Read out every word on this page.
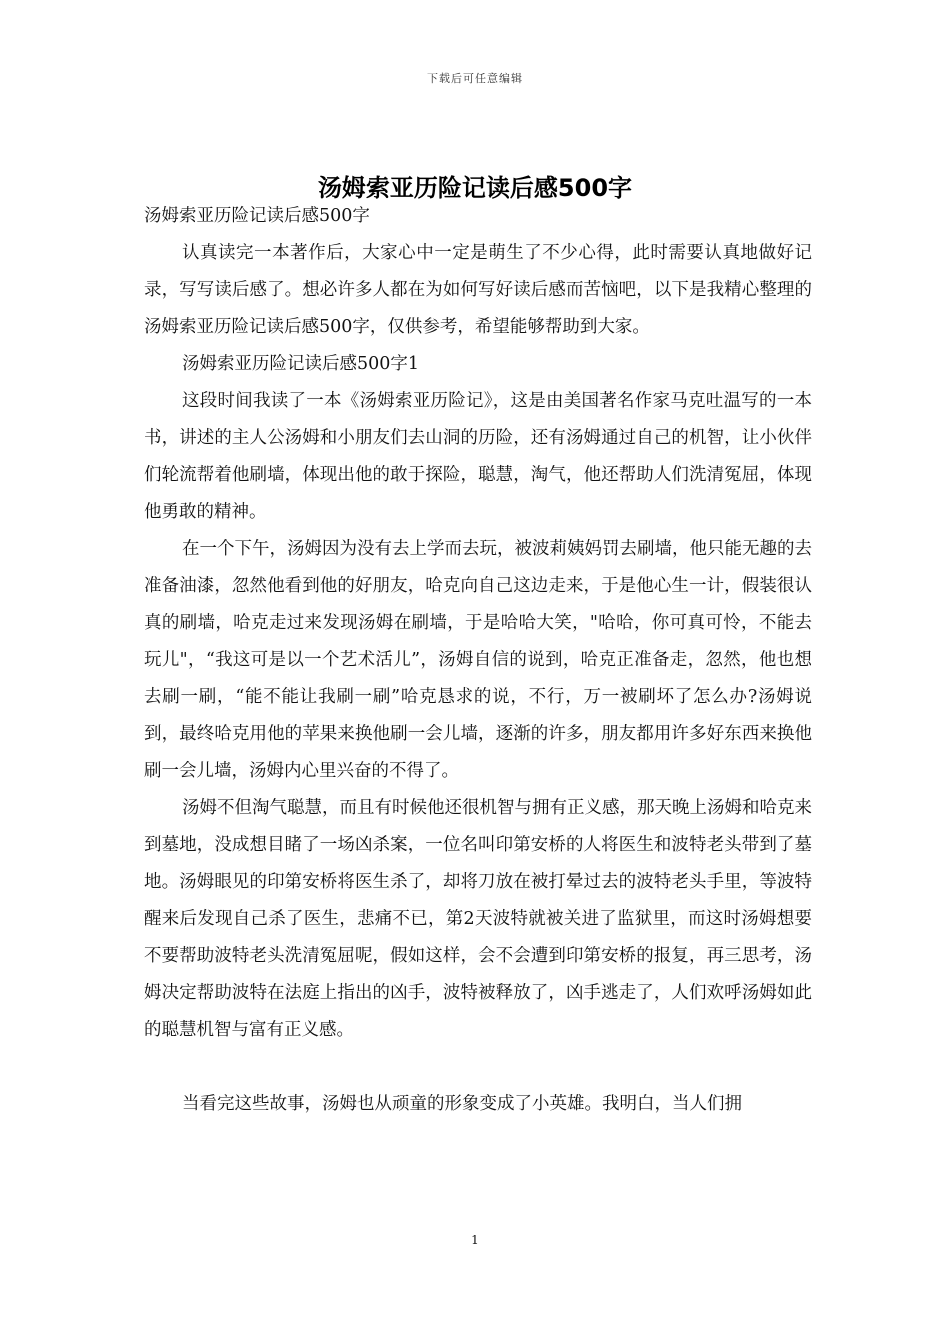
下载后可任意编辑
汤姆索亚历险记读后感500字

汤姆索亚历险记读后感500字

认真读完一本著作后，大家心中一定是萌生了不少心得，此时需要认真地做好记录，写写读后感了。想必许多人都在为如何写好读后感而苦恼吧，以下是我精心整理的汤姆索亚历险记读后感500字，仅供参考，希望能够帮助到大家。

汤姆索亚历险记读后感500字1

这段时间我读了一本《汤姆索亚历险记》，这是由美国著名作家马克吐温写的一本书，讲述的主人公汤姆和小朋友们去山洞的历险，还有汤姆通过自己的机智，让小伙伴们轮流帮着他刷墙，体现出他的敢于探险，聪慧，淘气，他还帮助人们洗清冤屈，体现他勇敢的精神。

在一个下午，汤姆因为没有去上学而去玩，被波莉姨妈罚去刷墙，他只能无趣的去准备油漆，忽然他看到他的好朋友，哈克向自己这边走来，于是他心生一计，假装很认真的刷墙，哈克走过来发现汤姆在刷墙，于是哈哈大笑，"哈哈，你可真可怜，不能去玩儿"，“我这可是以一个艺术活儿”，汤姆自信的说到，哈克正准备走，忽然，他也想去刷一刷，“能不能让我刷一刷”哈克恳求的说，不行，万一被刷坏了怎么办?汤姆说到，最终哈克用他的苹果来换他刷一会儿墙，逐渐的许多，朋友都用许多好东西来换他刷一会儿墙，汤姆内心里兴奋的不得了。

汤姆不但淘气聪慧，而且有时候他还很机智与拥有正义感，那天晚上汤姆和哈克来到墓地，没成想目睹了一场凶杀案，一位名叫印第安桥的人将医生和波特老头带到了墓地。汤姆眼见的印第安桥将医生杀了，却将刀放在被打晕过去的波特老头手里，等波特醒来后发现自己杀了医生，悲痛不已，第2天波特就被关进了监狱里，而这时汤姆想要不要帮助波特老头洗清冤屈呢，假如这样，会不会遭到印第安桥的报复，再三思考，汤姆决定帮助波特在法庭上指出的凶手，波特被释放了，凶手逃走了，人们欢呼汤姆如此的聪慧机智与富有正义感。

当看完这些故事，汤姆也从顽童的形象变成了小英雄。我明白，当人们拥

1
